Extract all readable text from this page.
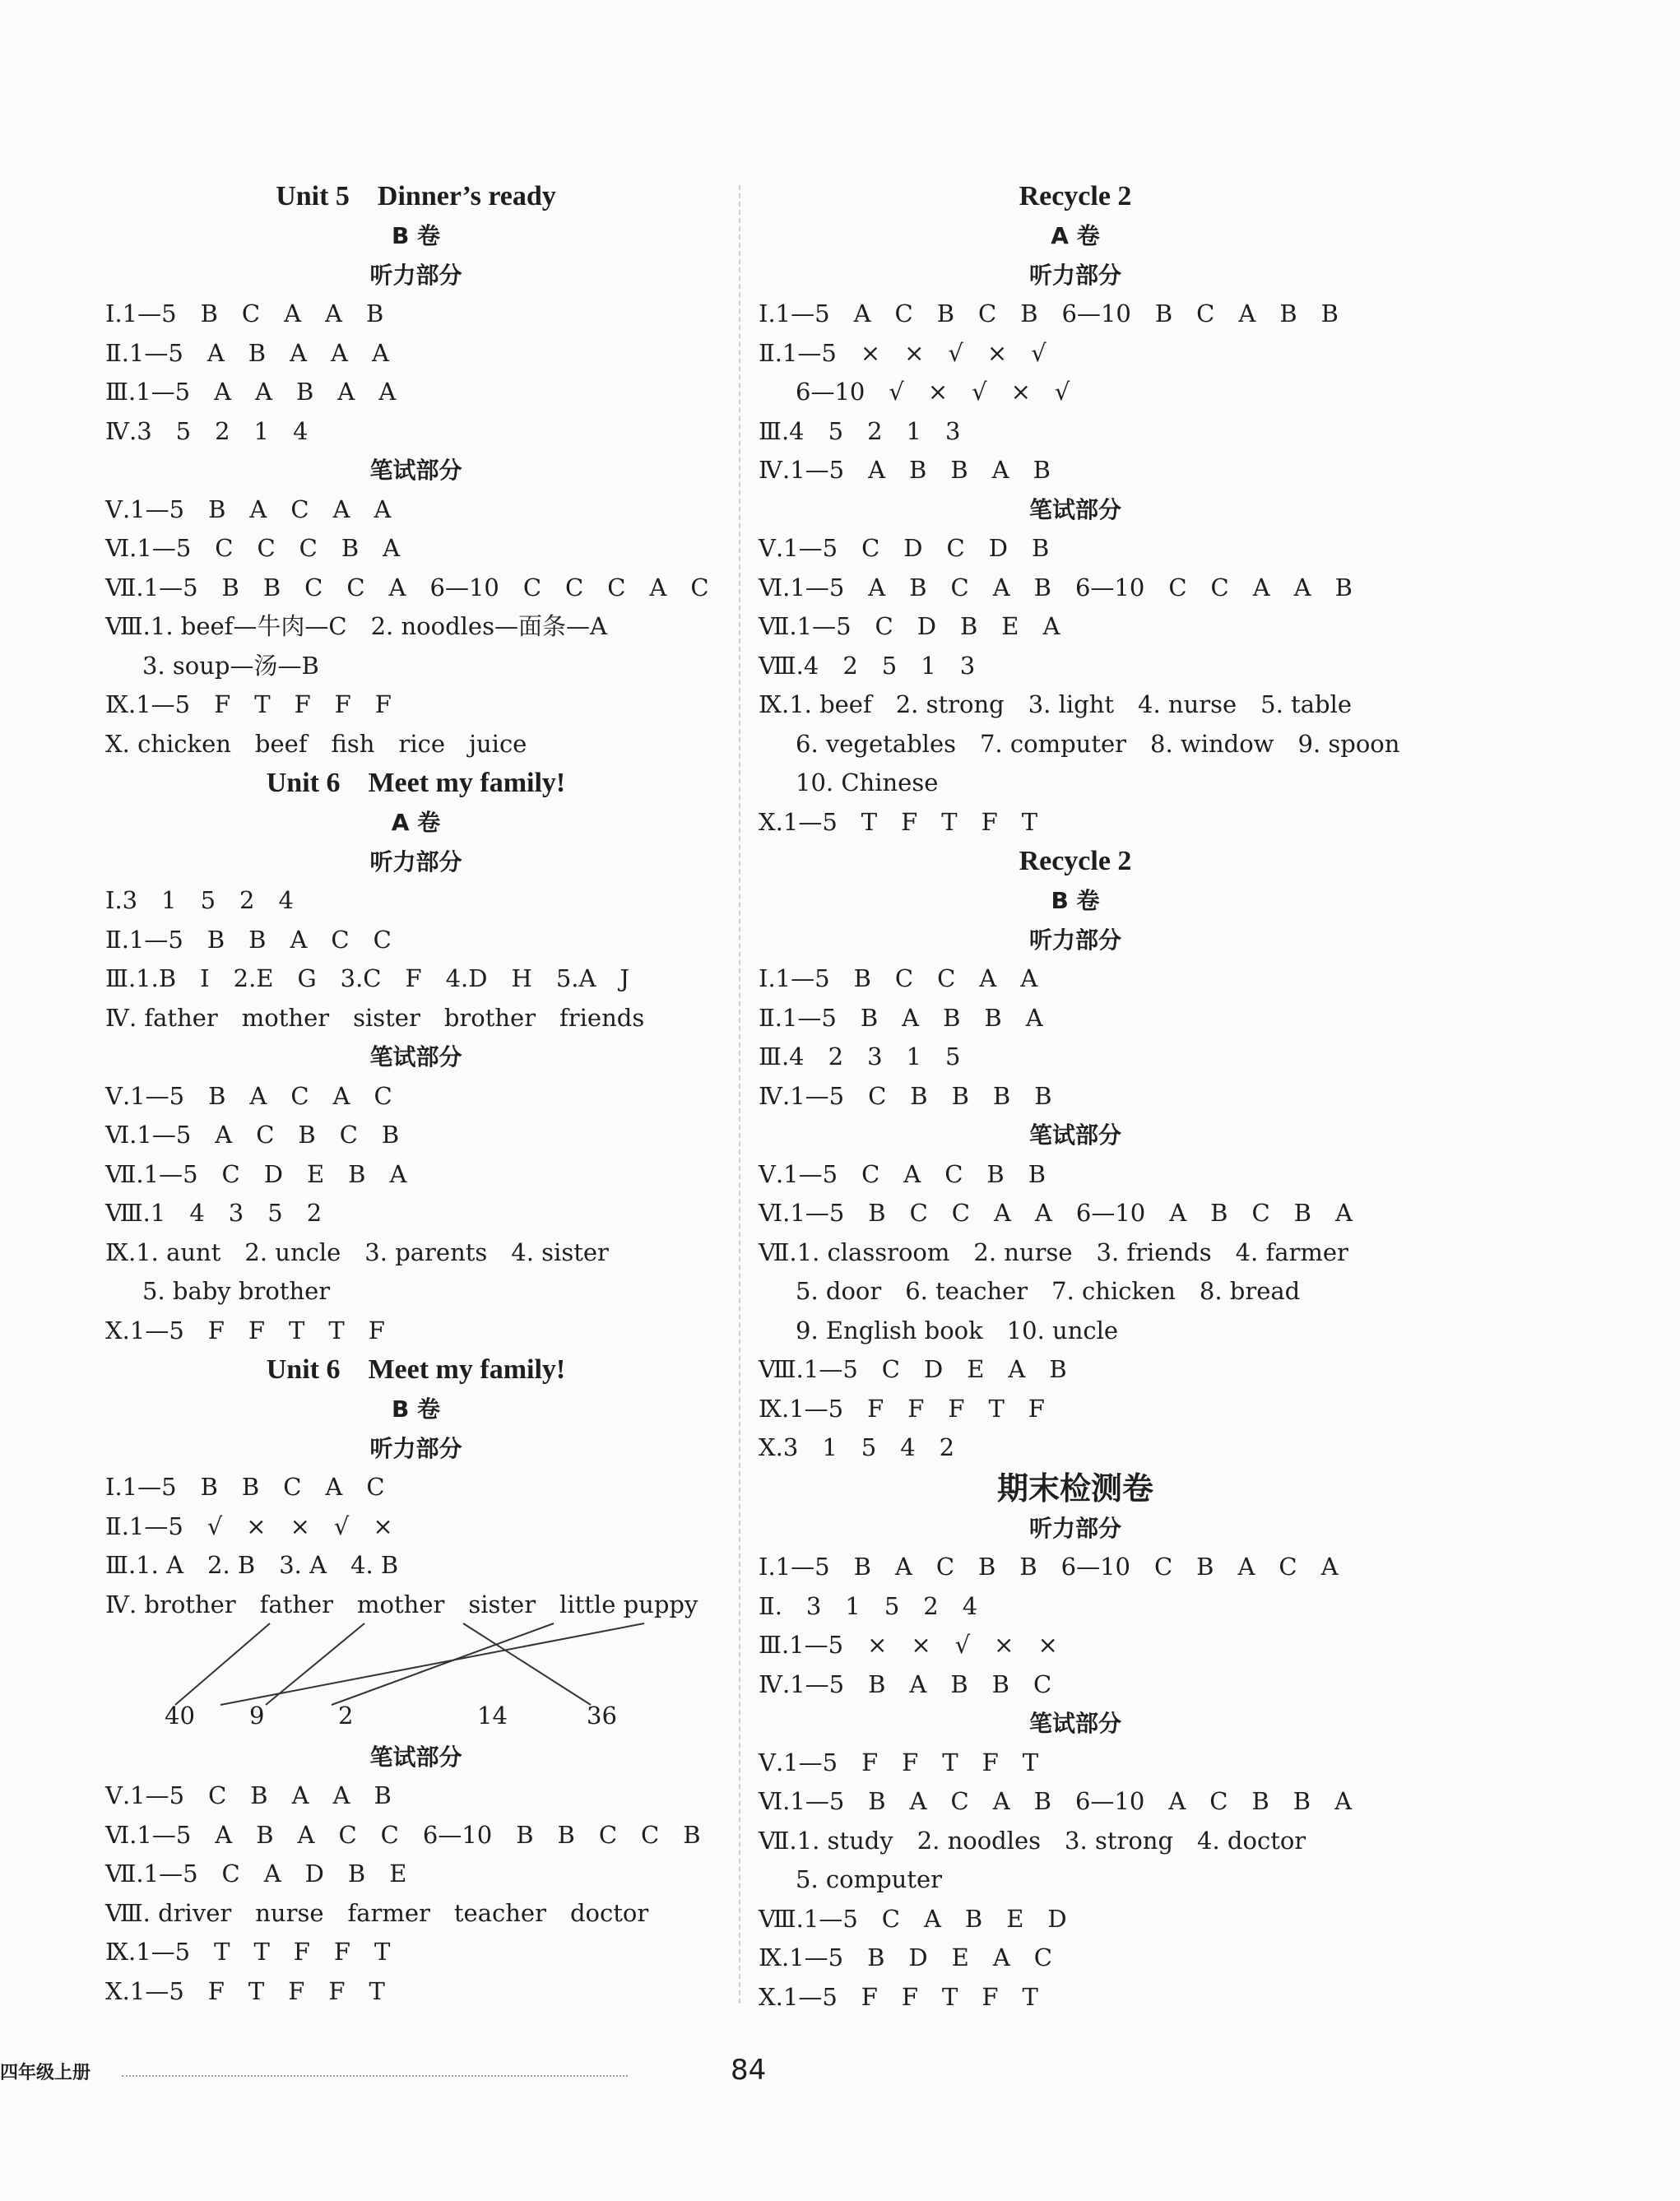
Unit 5　Dinner’s ready
B 卷
听力部分
Ⅰ.1—5　B　C　A　A　B
Ⅱ.1—5　A　B　A　A　A
Ⅲ.1—5　A　A　B　A　A
Ⅳ.3　5　2　1　4
笔试部分
Ⅴ.1—5　B　A　C　A　A
Ⅵ.1—5　C　C　C　B　A
Ⅶ.1—5　B　B　C　C　A　6—10　C　C　C　A　C
Ⅷ.1. beef—牛肉—C　2. noodles—面条—A
3. soup—汤—B
Ⅸ.1—5　F　T　F　F　F
Ⅹ. chicken　beef　fish　rice　juice
Unit 6　Meet my family!
A 卷
听力部分
Ⅰ.3　1　5　2　4
Ⅱ.1—5　B　B　A　C　C
Ⅲ.1.B　I　2.E　G　3.C　F　4.D　H　5.A　J
Ⅳ. father　mother　sister　brother　friends
笔试部分
Ⅴ.1—5　B　A　C　A　C
Ⅵ.1—5　A　C　B　C　B
Ⅶ.1—5　C　D　E　B　A
Ⅷ.1　4　3　5　2
Ⅸ.1. aunt　2. uncle　3. parents　4. sister
5. baby brother
Ⅹ.1—5　F　F　T　T　F
Unit 6　Meet my family!
B 卷
听力部分
Ⅰ.1—5　B　B　C　A　C
Ⅱ.1—5　√　×　×　√　×
Ⅲ.1. A　2. B　3. A　4. B
Ⅳ. brother　father　mother　sister　little puppy
40 9	2	14	36
笔试部分
Ⅴ.1—5　C　B　A　A　B
Ⅵ.1—5　A　B　A　C　C　6—10　B　B　C　C　B
Ⅶ.1—5　C　A　D　B　E
Ⅷ. driver　nurse　farmer　teacher　doctor
Ⅸ.1—5　T　T　F　F　T
Ⅹ.1—5　F　T　F　F　T
Recycle 2
A 卷
听力部分
Ⅰ.1—5　A　C　B　C　B　6—10　B　C　A　B　B
Ⅱ.1—5　×　×　√　×　√
6—10　√　×　√　×　√
Ⅲ.4　5　2　1　3
Ⅳ.1—5　A　B　B　A　B
笔试部分
Ⅴ.1—5　C　D　C　D　B
Ⅵ.1—5　A　B　C　A　B　6—10　C　C　A　A　B
Ⅶ.1—5　C　D　B　E　A
Ⅷ.4　2　5　1　3
Ⅸ.1. beef　2. strong　3. light　4. nurse　5. table
6. vegetables　7. computer　8. window　9. spoon
10. Chinese
Ⅹ.1—5　T　F　T　F　T
Recycle 2
B 卷
听力部分
Ⅰ.1—5　B　C　C　A　A
Ⅱ.1—5　B　A　B　B　A
Ⅲ.4　2　3　1　5
Ⅳ.1—5　C　B　B　B　B
笔试部分
Ⅴ.1—5　C　A　C　B　B
Ⅵ.1—5　B　C　C　A　A　6—10　A　B　C　B　A
Ⅶ.1. classroom　2. nurse　3. friends　4. farmer
5. door　6. teacher　7. chicken　8. bread
9. English book　10. uncle
Ⅷ.1—5　C　D　E　A　B
Ⅸ.1—5　F　F　F　T　F
Ⅹ.3　1　5　4　2
期末检测卷
听力部分
Ⅰ.1—5　B　A　C　B　B　6—10　C　B　A　C　A
Ⅱ.　3　1　5　2　4
Ⅲ.1—5　×　×　√　×　×
Ⅳ.1—5　B　A　B　B　C
笔试部分
Ⅴ.1—5　F　F　T　F　T
Ⅵ.1—5　B　A　C　A　B　6—10　A　C　B　B　A
Ⅶ.1. study　2. noodles　3. strong　4. doctor
5. computer
Ⅷ.1—5　C　A　B　E　D
Ⅸ.1—5　B　D　E　A　C
Ⅹ.1—5　F　F　T　F　T
四年级上册	84
